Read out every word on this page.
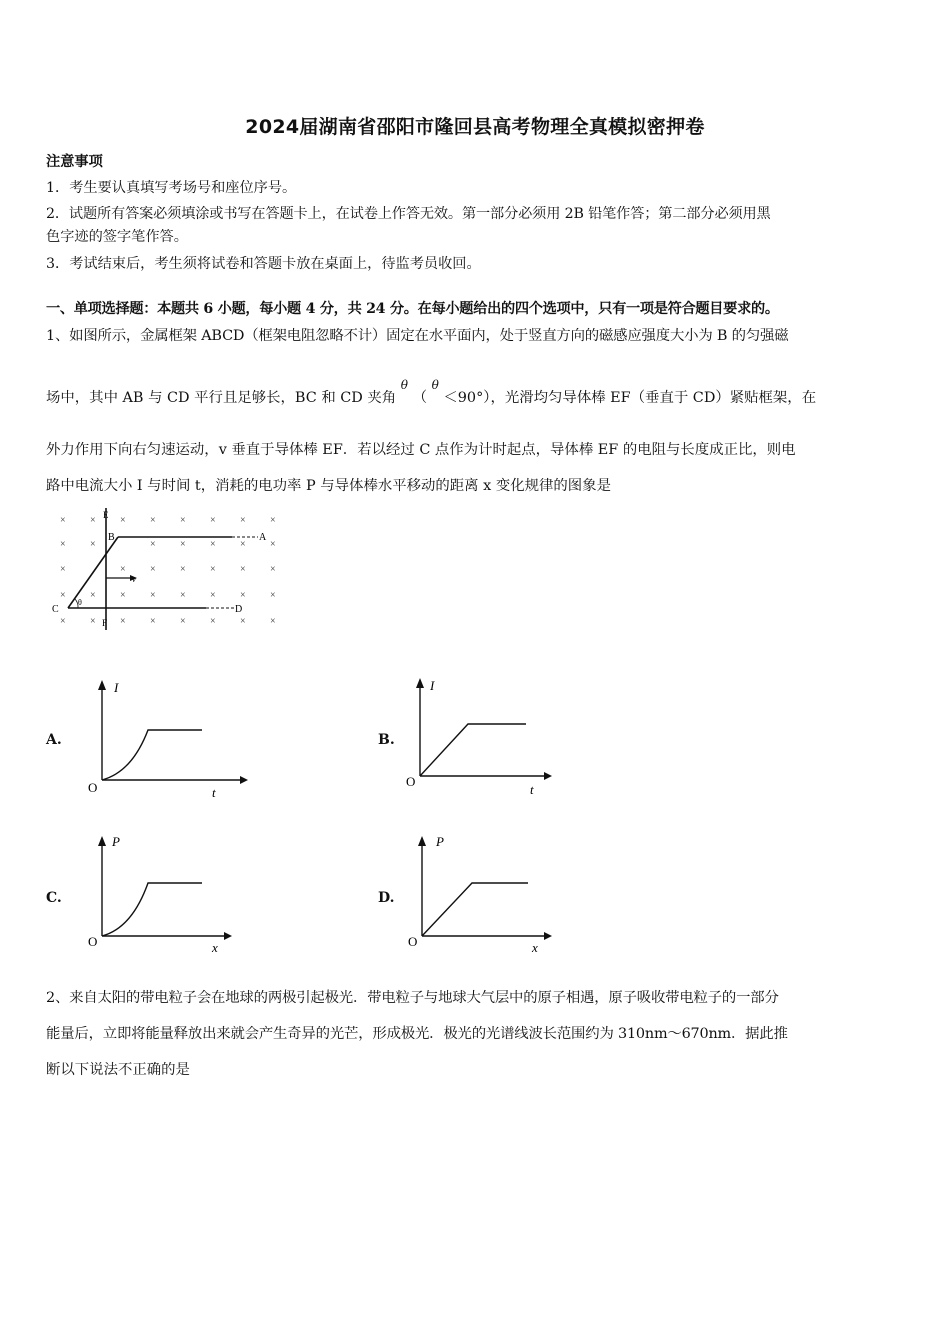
2024届湖南省邵阳市隆回县高考物理全真模拟密押卷
注意事项
1．考生要认真填写考场号和座位序号。
2．试题所有答案必须填涂或书写在答题卡上，在试卷上作答无效。第一部分必须用 2B 铅笔作答；第二部分必须用黑
色字迹的签字笔作答。
3．考试结束后，考生须将试卷和答题卡放在桌面上，待监考员收回。
一、单项选择题：本题共 6 小题，每小题 4 分，共 24 分。在每小题给出的四个选项中，只有一项是符合题目要求的。
1、如图所示，金属框架 ABCD（框架电阻忽略不计）固定在水平面内，处于竖直方向的磁感应强度大小为 B 的匀强磁
场中，其中 AB 与 CD 平行且足够长，BC 和 CD 夹角 $^\theta$ （ $^\theta$ ＜90°），光滑均匀导体棒 EF（垂直于 CD）紧贴框架，在
外力作用下向右匀速运动，v 垂直于导体棒 EF．若以经过 C 点作为计时起点，导体棒 EF 的电阻与长度成正比，则电
路中电流大小 I 与时间 t，消耗的电功率 P 与导体棒水平移动的距离 x 变化规律的图象是
× × × × × × × ×
× ×	× × × × ×
×	× × × × × ×
× × × × × × × ×
× × × × × × × ×
E
B	A
C	D
F
v
θ
A.
I
t
O
B.
I
t
O
C.
P
x
O
D.
P
x
O
2、来自太阳的带电粒子会在地球的两极引起极光．带电粒子与地球大气层中的原子相遇，原子吸收带电粒子的一部分
能量后，立即将能量释放出来就会产生奇异的光芒，形成极光．极光的光谱线波长范围约为 310nm～670nm．据此推
断以下说法不正确的是
